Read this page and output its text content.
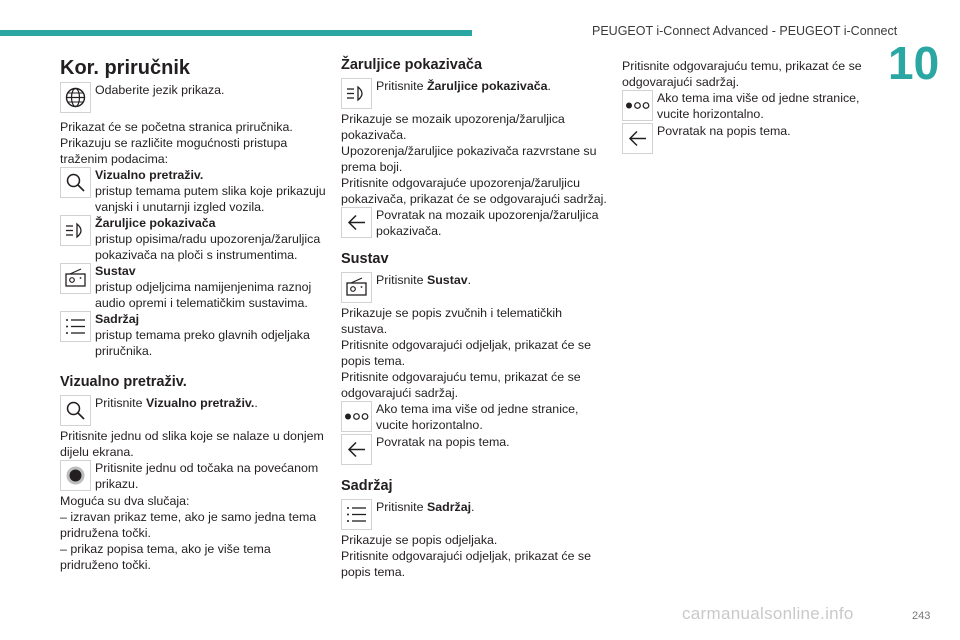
PEUGEOT i-Connect Advanced - PEUGEOT i-Connect
10
Kor. priručnik
Odaberite jezik prikaza.

Prikazat će se početna stranica priručnika. Prikazuju se različite mogućnosti pristupa traženim podacima:

Vizualno pretraživ.
pristup temama putem slika koje prikazuju vanjski i unutarnji izgled vozila.
Žaruljice pokazivača
pristup opisima/radu upozorenja/žaruljica pokazivača na ploči s instrumentima.
Sustav
pristup odjeljcima namijenjenima raznoj audio opremi i telematičkim sustavima.
Sadržaj
pristup temama preko glavnih odjeljaka priručnika.
Vizualno pretraživ.
Pritisnite Vizualno pretraživ..

Pritisnite jednu od slika koje se nalaze u donjem dijelu ekrana.

Pritisnite jednu od točaka na povećanom prikazu.

Moguća su dva slučaja:

– izravan prikaz teme, ako je samo jedna tema pridružena točki.

– prikaz popisa tema, ako je više tema pridruženo točki.

Žaruljice pokazivača
Pritisnite Žaruljice pokazivača.

Prikazuje se mozaik upozorenja/žaruljica pokazivača.

Upozorenja/žaruljice pokazivača razvrstane su prema boji.

Pritisnite odgovarajuće upozorenja/žaruljicu pokazivača, prikazat će se odgovarajući sadržaj.

Povratak na mozaik upozorenja/žaruljica pokazivača.
Sustav
Pritisnite Sustav.

Prikazuje se popis zvučnih i telematičkih sustava.

Pritisnite odgovarajući odjeljak, prikazat će se popis tema.

Pritisnite odgovarajuću temu, prikazat će se odgovarajući sadržaj.

Ako tema ima više od jedne stranice, vucite horizontalno.
Povratak na popis tema.
Sadržaj
Pritisnite Sadržaj.

Prikazuje se popis odjeljaka.

Pritisnite odgovarajući odjeljak, prikazat će se popis tema.

Pritisnite odgovarajuću temu, prikazat će se odgovarajući sadržaj.

Ako tema ima više od jedne stranice, vucite horizontalno.
Povratak na popis tema.
carmanualsonline.info	243
